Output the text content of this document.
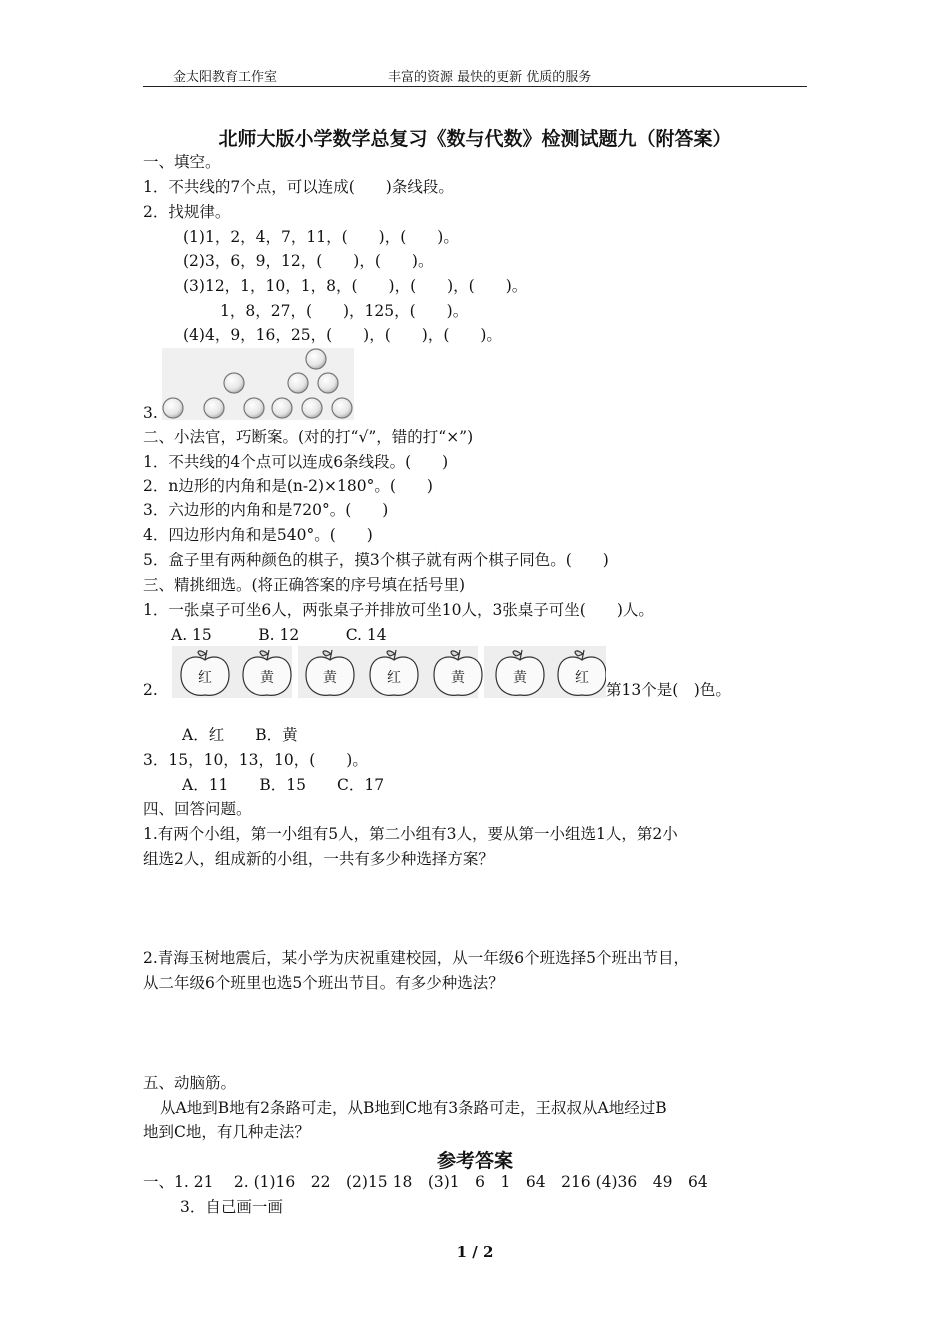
金太阳教育工作室	丰富的资源 最快的更新 优质的服务
北师大版小学数学总复习《数与代数》检测试题九（附答案）
一、填空。
1．不共线的7个点，可以连成(　　)条线段。
2．找规律。
(1)1，2，4，7，11，(　　)，(　　)。
(2)3，6，9，12，(　　)，(　　)。
(3)12，1，10，1，8，(　　)，(　　)，(　　)。
1，8，27，(　　)，125，(　　)。
(4)4，9，16，25，(　　)，(　　)，(　　)。
3.
二、小法官，巧断案。(对的打“√”，错的打“×”)
1．不共线的4个点可以连成6条线段。(　　)
2．n边形的内角和是(n-2)×180°。(　　)
3．六边形的内角和是720°。(　　)
4．四边形内角和是540°。(　　)
5．盒子里有两种颜色的棋子，摸3个棋子就有两个棋子同色。(　　)
三、精挑细选。(将正确答案的序号填在括号里)
1．一张桌子可坐6人，两张桌子并排放可坐10人，3张桌子可坐(　　)人。
A. 15　　　B. 12　　　C. 14
红	黄	黄	红	黄	黄	红
2.	第13个是(　)色。
A．红　　B．黄
3．15，10，13，10，(　　)。
A．11　　B．15　　C．17
四、回答问题。
1.有两个小组，第一小组有5人，第二小组有3人，要从第一小组选1人，第2小
组选2人，组成新的小组，一共有多少种选择方案？
2.青海玉树地震后，某小学为庆祝重建校园，从一年级6个班选择5个班出节目，
从二年级6个班里也选5个班出节目。有多少种选法？
五、动脑筋。
从A地到B地有2条路可走，从B地到C地有3条路可走，王叔叔从A地经过B
地到C地，有几种走法？
参考答案
一、1. 21　 2. (1)16　22　(2)15 18　(3)1　6　1　64　216 (4)36　49　64
3．自己画一画
1 / 2
